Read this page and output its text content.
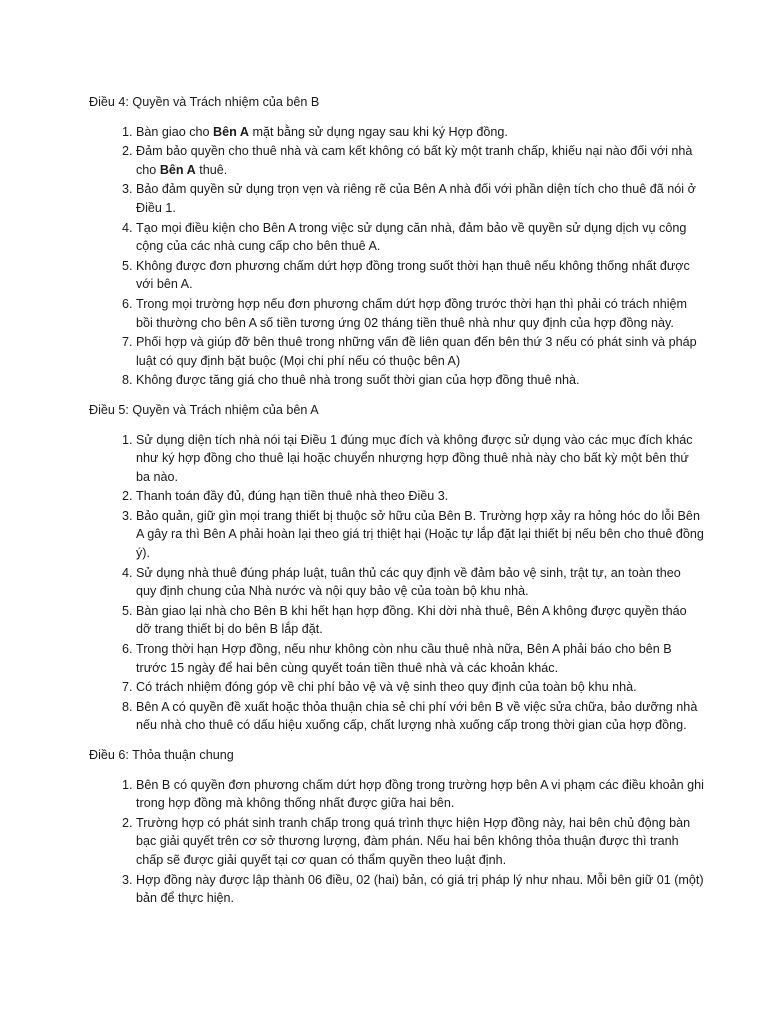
Điều 4: Quyền và Trách nhiệm của bên B

1. Bàn giao cho Bên A mặt bằng sử dụng ngay sau khi ký Hợp đồng.
2. Đảm bảo quyền cho thuê nhà và cam kết không có bất kỳ một tranh chấp, khiếu nại nào đối với nhà cho Bên A thuê.
3. Bảo đảm quyền sử dụng trọn vẹn và riêng rẽ của Bên A nhà đối với phần diện tích cho thuê đã nói ở Điều 1.
4. Tạo mọi điều kiện cho Bên A trong việc sử dụng căn nhà, đảm bảo về quyền sử dụng dịch vụ công cộng của các nhà cung cấp cho bên thuê A.
5. Không được đơn phương chấm dứt hợp đồng trong suốt thời hạn thuê nếu không thống nhất được với bên A.
6. Trong mọi trường hợp nếu đơn phương chấm dứt hợp đồng trước thời hạn thì phải có trách nhiệm bồi thường cho bên A số tiền tương ứng 02 tháng tiền thuê nhà như quy định của hợp đồng này.
7. Phối hợp và giúp đỡ bên thuê trong những vấn đề liên quan đến bên thứ 3 nếu có phát sinh và pháp luật có quy định bặt buộc (Mọi chi phí nếu có thuộc bên A)
8. Không được tăng giá cho thuê nhà trong suốt thời gian của hợp đồng thuê nhà.

Điều 5: Quyền và Trách nhiệm của bên A

1. Sử dụng diện tích nhà nói tại Điều 1 đúng mục đích và không được sử dụng vào các mục đích khác như ký hợp đồng cho thuê lại hoặc chuyển nhượng hợp đồng thuê nhà này cho bất kỳ một bên thứ ba nào.
2. Thanh toán đầy đủ, đúng hạn tiền thuê nhà theo Điều 3.
3. Bảo quản, giữ gìn mọi trang thiết bị thuộc sở hữu của Bên B. Trường hợp xảy ra hỏng hóc do lỗi Bên A gây ra thì Bên A phải hoàn lại theo giá trị thiệt hại (Hoặc tự lắp đặt lại thiết bị nếu bên cho thuê đồng ý).
4. Sử dụng nhà thuê đúng pháp luật, tuân thủ các quy định về đảm bảo vệ sinh, trật tự, an toàn theo quy định chung của Nhà nước và nội quy bảo vệ của toàn bộ khu nhà.
5. Bàn giao lại nhà cho Bên B khi hết hạn hợp đồng. Khi dời nhà thuê, Bên A không được quyền tháo dỡ trang thiết bị do bên B lắp đặt.
6. Trong thời hạn Hợp đồng, nếu như không còn nhu cầu thuê nhà nữa, Bên A phải báo cho bên B trước 15 ngày để hai bên cùng quyết toán tiền thuê nhà và các khoản khác.
7. Có trách nhiệm đóng góp về chi phí bảo vệ và vệ sinh theo quy định của toàn bộ khu nhà.
8. Bên A có quyền đề xuất hoặc thỏa thuận chia sẻ chi phí với bên B về việc sửa chữa, bảo dưỡng nhà nếu nhà cho thuê có dấu hiệu xuống cấp, chất lượng nhà xuống cấp trong thời gian của hợp đồng.

Điều 6: Thỏa thuận chung

1. Bên B có quyền đơn phương chấm dứt hợp đồng trong trường hợp bên A vi phạm các điều khoản ghi trong hợp đồng mà không thống nhất được giữa hai bên.
2. Trường hợp có phát sinh tranh chấp trong quá trình thực hiện Hợp đồng này, hai bên chủ động bàn bạc giải quyết trên cơ sở thương lượng, đàm phán. Nếu hai bên không thỏa thuận được thì tranh chấp sẽ được giải quyết tại cơ quan có thẩm quyền theo luật định.
3. Hợp đồng này được lập thành 06 điều, 02 (hai) bản, có giá trị pháp lý như nhau. Mỗi bên giữ 01 (một) bản để thực hiện.
